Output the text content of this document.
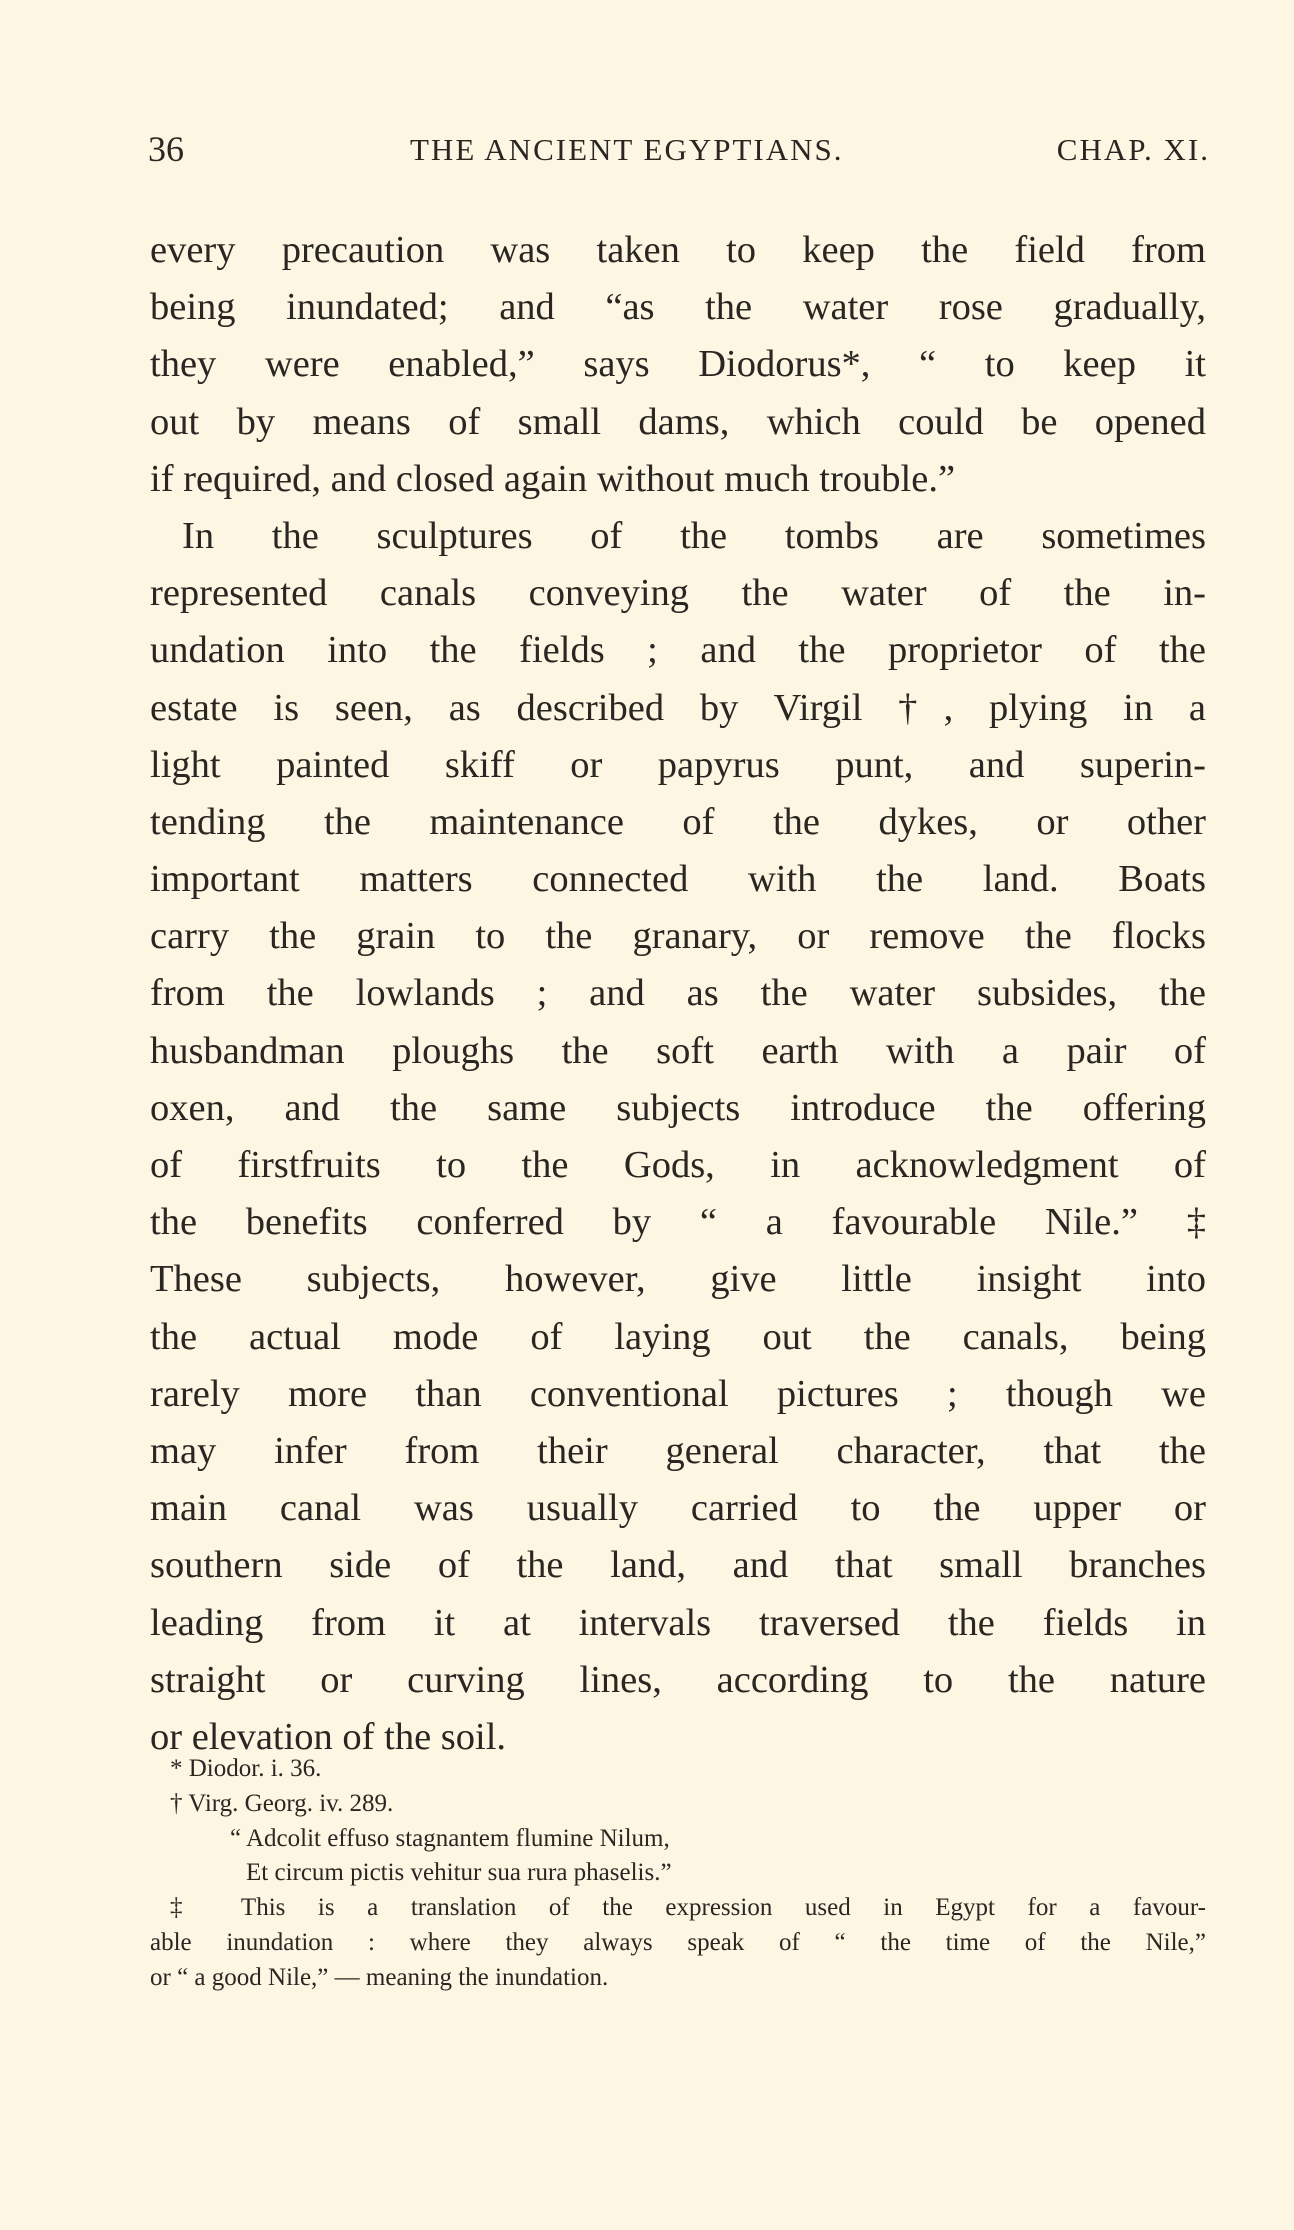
36	THE ANCIENT EGYPTIANS.	CHAP. XI.
every precaution was taken to keep the field from
being inundated; and “as the water rose gradually,
they were enabled,” says Diodorus*, “ to keep it
out by means of small dams, which could be opened
if required, and closed again without much trouble.”
In the sculptures of the tombs are sometimes
represented canals conveying the water of the in-
undation into the fields ; and the proprietor of the
estate is seen, as described by Virgil †, plying in a
light painted skiff or papyrus punt, and superin-
tending the maintenance of the dykes, or other
important matters connected with the land. Boats
carry the grain to the granary, or remove the flocks
from the lowlands ; and as the water subsides, the
husbandman ploughs the soft earth with a pair of
oxen, and the same subjects introduce the offering
of firstfruits to the Gods, in acknowledgment of
the benefits conferred by “ a favourable Nile.” ‡
These subjects, however, give little insight into
the actual mode of laying out the canals, being
rarely more than conventional pictures ; though we
may infer from their general character, that the
main canal was usually carried to the upper or
southern side of the land, and that small branches
leading from it at intervals traversed the fields in
straight or curving lines, according to the nature
or elevation of the soil.
* Diodor. i. 36.
† Virg. Georg. iv. 289.
“ Adcolit effuso stagnantem flumine Nilum,
Et circum pictis vehitur sua rura phaselis.”
‡ This is a translation of the expression used in Egypt for a favour-
able inundation : where they always speak of “ the time of the Nile,”
or “ a good Nile,” — meaning the inundation.
